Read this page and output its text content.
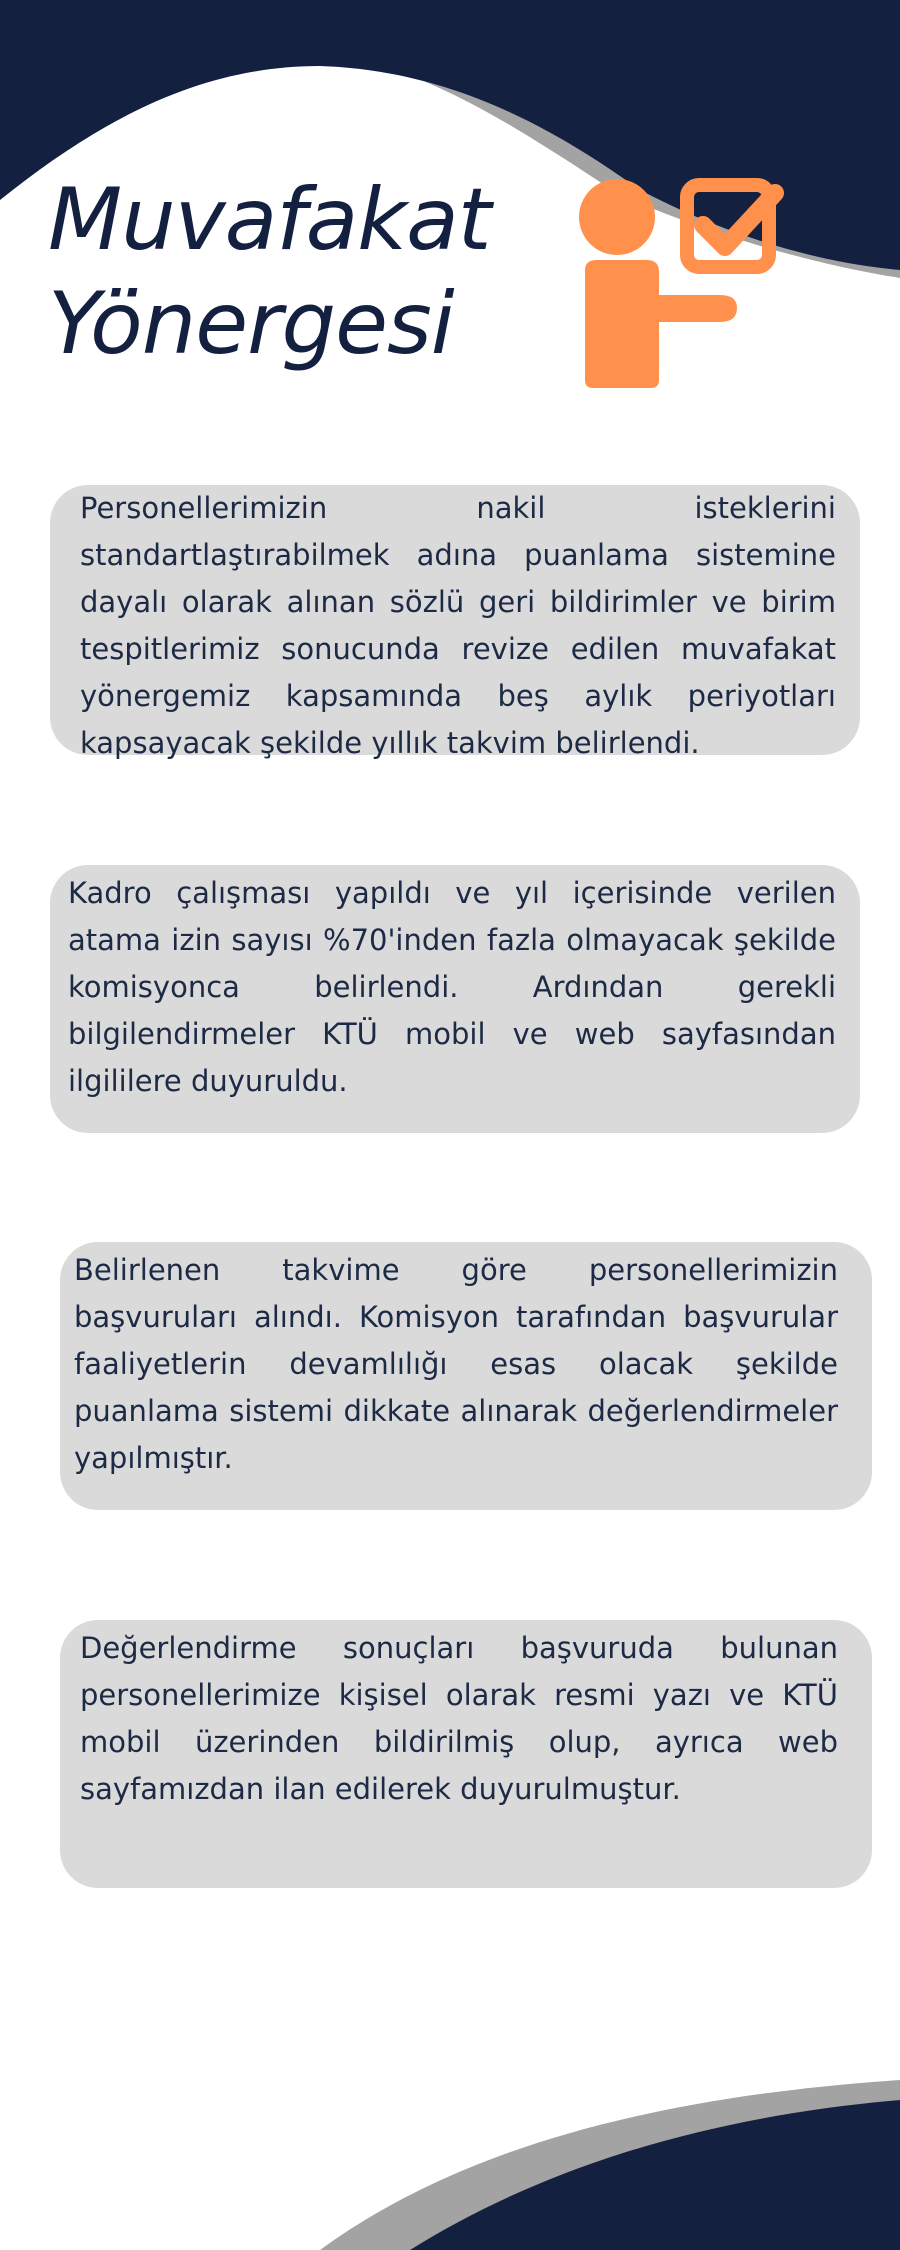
Muvafakat
Yönergesi

Personellerimizin nakil isteklerini standartlaştırabilmek adına puanlama sistemine dayalı olarak alınan sözlü geri bildirimler ve birim tespitlerimiz sonucunda revize edilen muvafakat yönergemiz kapsamında beş aylık periyotları kapsayacak şekilde yıllık takvim belirlendi.

Kadro çalışması yapıldı ve yıl içerisinde verilen atama izin sayısı %70'inden fazla olmayacak şekilde komisyonca belirlendi. Ardından gerekli bilgilendirmeler KTÜ mobil ve web sayfasından ilgililere duyuruldu.

Belirlenen takvime göre personellerimizin başvuruları alındı. Komisyon tarafından başvurular faaliyetlerin devamlılığı esas olacak şekilde puanlama sistemi dikkate alınarak değerlendirmeler yapılmıştır.

Değerlendirme sonuçları başvuruda bulunan personellerimize kişisel olarak resmi yazı ve KTÜ mobil üzerinden bildirilmiş olup, ayrıca web sayfamızdan ilan edilerek duyurulmuştur.
